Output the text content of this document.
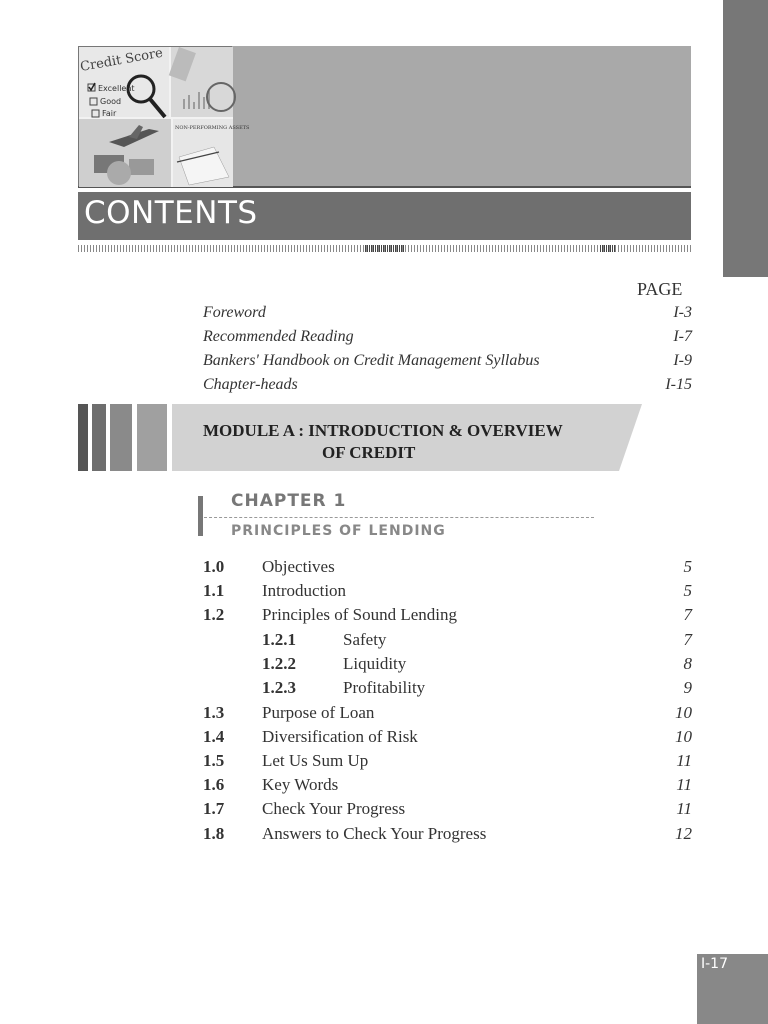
Credit Score
Excellent
Good
Fair
NON-PERFORMING ASSETS
CONTENTS
PAGE
Foreword	I-3
Recommended Reading	I-7
Bankers' Handbook on Credit Management Syllabus	I-9
Chapter-heads	I-15
MODULE A : INTRODUCTION & OVERVIEW
OF CREDIT
CHAPTER 1
PRINCIPLES OF LENDING
1.0 Objectives	5
1.1 Introduction	5
1.2 Principles of Sound Lending	7
1.2.1	Safety	7
1.2.2	Liquidity	8
1.2.3	Profitability	9
1.3 Purpose of Loan	10
1.4 Diversification of Risk	10
1.5 Let Us Sum Up	11
1.6 Key Words	11
1.7 Check Your Progress	11
1.8 Answers to Check Your Progress	12
I-17
